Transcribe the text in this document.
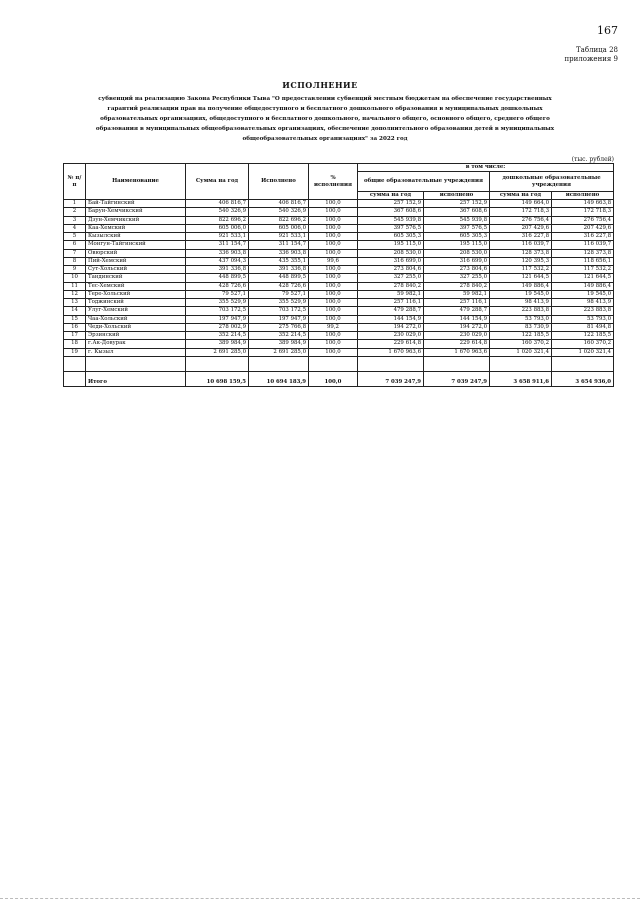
167
Таблица 28
приложения 9
ИСПОЛНЕНИЕ
субвенций на реализацию Закона Республики Тыва "О предоставлении субвенций местным бюджетам на обеспечение государственных гарантий реализации прав на получение общедоступного и бесплатного дошкольного образования в муниципальных дошкольных образовательных организациях, общедоступного и бесплатного дошкольного, начального общего, основного общего, среднего общего образования в муниципальных общеобразовательных организациях, обеспечение дополнительного образования детей в муниципальных общеобразовательных организациях" за 2022 год
(тыс. рублей)
№ п/п	Наименование	Сумма на год	Исполнено	% исполнения	в том числе:			
					общие образовательные учреждения		дошкольные образовательные учреждения	
					сумма на год	исполнено	сумма на год	исполнено
1	Бай-Тайгинский	406 816,7	406 816,7	100,0	257 152,9	257 152,9	149 664,0	149 663,8
2	Барун-Хемчикский	540 326,9	540 326,9	100,0	367 608,6	367 608,6	172 718,3	172 718,3
3	Дзун-Хемчикский	822 696,2	822 696,2	100,0	545 939,8	545 939,8	276 756,4	276 756,4
4	Каа-Хемский	605 006,0	605 006,0	100,0	397 576,5	397 576,5	207 429,6	207 429,6
5	Кызылский	921 533,1	921 533,1	100,0	605 305,3	605 305,3	316 227,8	316 227,8
6	Монгун-Тайгинский	311 154,7	311 154,7	100,0	195 115,0	195 115,0	116 039,7	116 039,7
7	Овюрский	336 903,8	336 903,8	100,0	208 530,0	208 530,0	128 373,8	128 373,8
8	Пий-Хемский	437 094,3	435 355,1	99,6	316 699,0	316 699,0	120 395,3	118 656,1
9	Сут-Хольский	391 336,8	391 336,8	100,0	273 804,6	273 804,6	117 532,2	117 532,2
10	Тандинский	448 899,5	448 899,5	100,0	327 255,0	327 255,0	121 644,5	121 644,5
11	Тес-Хемский	428 726,6	428 726,6	100,0	278 840,2	278 840,2	149 886,4	149 886,4
12	Тере-Хольский	79 527,1	79 527,1	100,0	59 982,1	59 982,1	19 545,0	19 545,0
13	Тоджинский	355 529,9	355 529,9	100,0	257 116,1	257 116,1	98 413,9	98 413,9
14	Улуг-Хемский	703 172,5	703 172,5	100,0	479 288,7	479 288,7	223 883,8	223 883,8
15	Чаа-Хольский	197 947,9	197 947,9	100,0	144 154,9	144 154,9	53 793,0	53 793,0
16	Чеди-Хольский	278 002,9	275 766,8	99,2	194 272,0	194 272,0	83 730,9	81 494,8
17	Эрзинский	352 214,5	352 214,5	100,0	230 029,0	230 029,0	122 185,5	122 185,5
18	г.Ак-Довурак	389 984,9	389 984,9	100,0	229 614,8	229 614,8	160 370,2	160 370,2
19	г. Кызыл	2 691 285,0	2 691 285,0	100,0	1 670 963,6	1 670 963,6	1 020 321,4	1 020 321,4

	Итого	10 698 159,5	10 694 183,9	100,0	7 039 247,9	7 039 247,9	3 658 911,6	3 654 936,0
